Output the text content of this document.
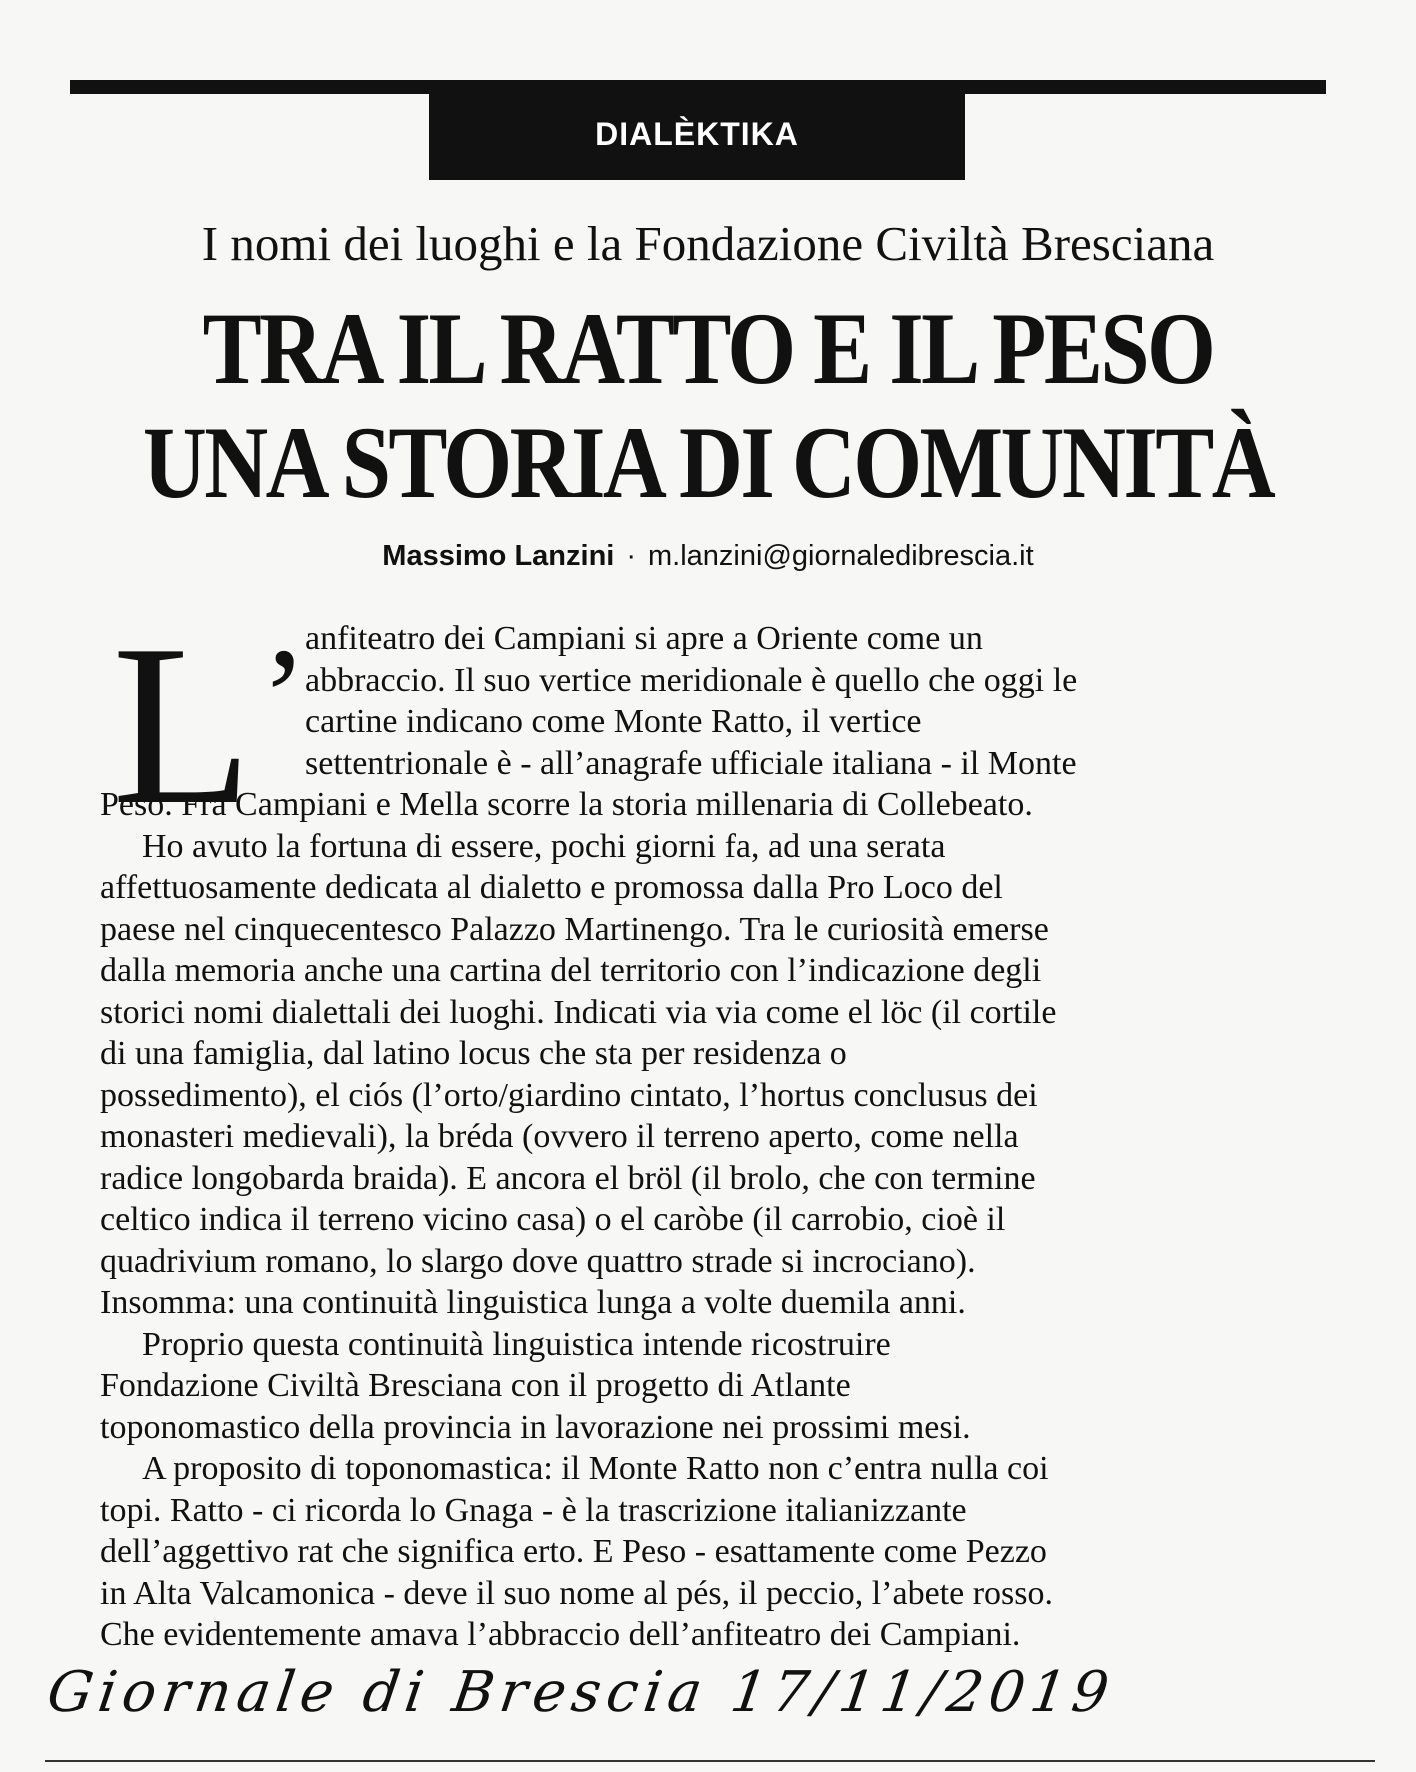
DIALÈKTIKA
I nomi dei luoghi e la Fondazione Civiltà Bresciana
TRA IL RATTO E IL PESO
UNA STORIA DI COMUNITÀ
Massimo Lanzini · m.lanzini@giornaledibrescia.it
L’
anfiteatro dei Campiani si apre a Oriente come un
abbraccio. Il suo vertice meridionale è quello che oggi le
cartine indicano come Monte Ratto, il vertice
settentrionale è - all’anagrafe ufficiale italiana - il Monte
Peso. Fra Campiani e Mella scorre la storia millenaria di Collebeato.
Ho avuto la fortuna di essere, pochi giorni fa, ad una serata
affettuosamente dedicata al dialetto e promossa dalla Pro Loco del
paese nel cinquecentesco Palazzo Martinengo. Tra le curiosità emerse
dalla memoria anche una cartina del territorio con l’indicazione degli
storici nomi dialettali dei luoghi. Indicati via via come el löc (il cortile
di una famiglia, dal latino locus che sta per residenza o
possedimento), el ciós (l’orto/giardino cintato, l’hortus conclusus dei
monasteri medievali), la bréda (ovvero il terreno aperto, come nella
radice longobarda braida). E ancora el bröl (il brolo, che con termine
celtico indica il terreno vicino casa) o el caròbe (il carrobio, cioè il
quadrivium romano, lo slargo dove quattro strade si incrociano).
Insomma: una continuità linguistica lunga a volte duemila anni.
Proprio questa continuità linguistica intende ricostruire
Fondazione Civiltà Bresciana con il progetto di Atlante
toponomastico della provincia in lavorazione nei prossimi mesi.
A proposito di toponomastica: il Monte Ratto non c’entra nulla coi
topi. Ratto - ci ricorda lo Gnaga - è la trascrizione italianizzante
dell’aggettivo rat che significa erto. E Peso - esattamente come Pezzo
in Alta Valcamonica - deve il suo nome al pés, il peccio, l’abete rosso.
Che evidentemente amava l’abbraccio dell’anfiteatro dei Campiani.
Giornale di Brescia 17/11/2019
